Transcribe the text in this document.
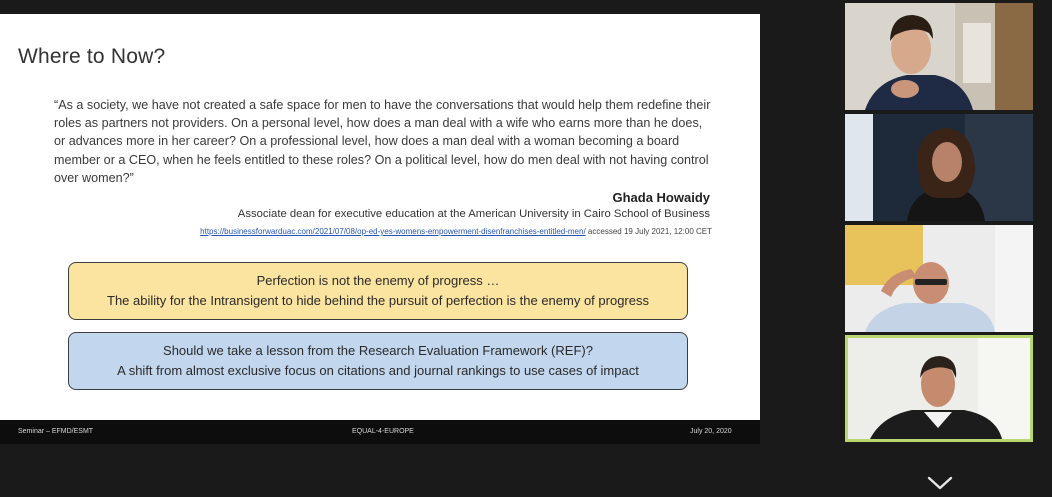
Where to Now?
“As a society, we have not created a safe space for men to have the conversations that would help them redefine their roles as partners not providers. On a personal level, how does a man deal with a wife who earns more than he does, or advances more in her career? On a professional level, how does a man deal with a woman becoming a board member or a CEO, when he feels entitled to these roles? On a political level, how do men deal with not having control over women?”
Ghada Howaidy
Associate dean for executive education at the American University in Cairo School of Business
https://businessforwarduac.com/2021/07/08/op-ed-yes-womens-empowerment-disenfranchises-entitled-men/ accessed 19 July 2021, 12:00 CET
Perfection is not the enemy of progress …
The ability for the Intransigent to hide behind the pursuit of perfection is the enemy of progress
Should we take a lesson from the Research Evaluation Framework (REF)?
A shift from almost exclusive focus on citations and journal rankings to use cases of impact
Seminar – EFMD/ESMT	EQUAL-4-EUROPE	July 20, 2020
